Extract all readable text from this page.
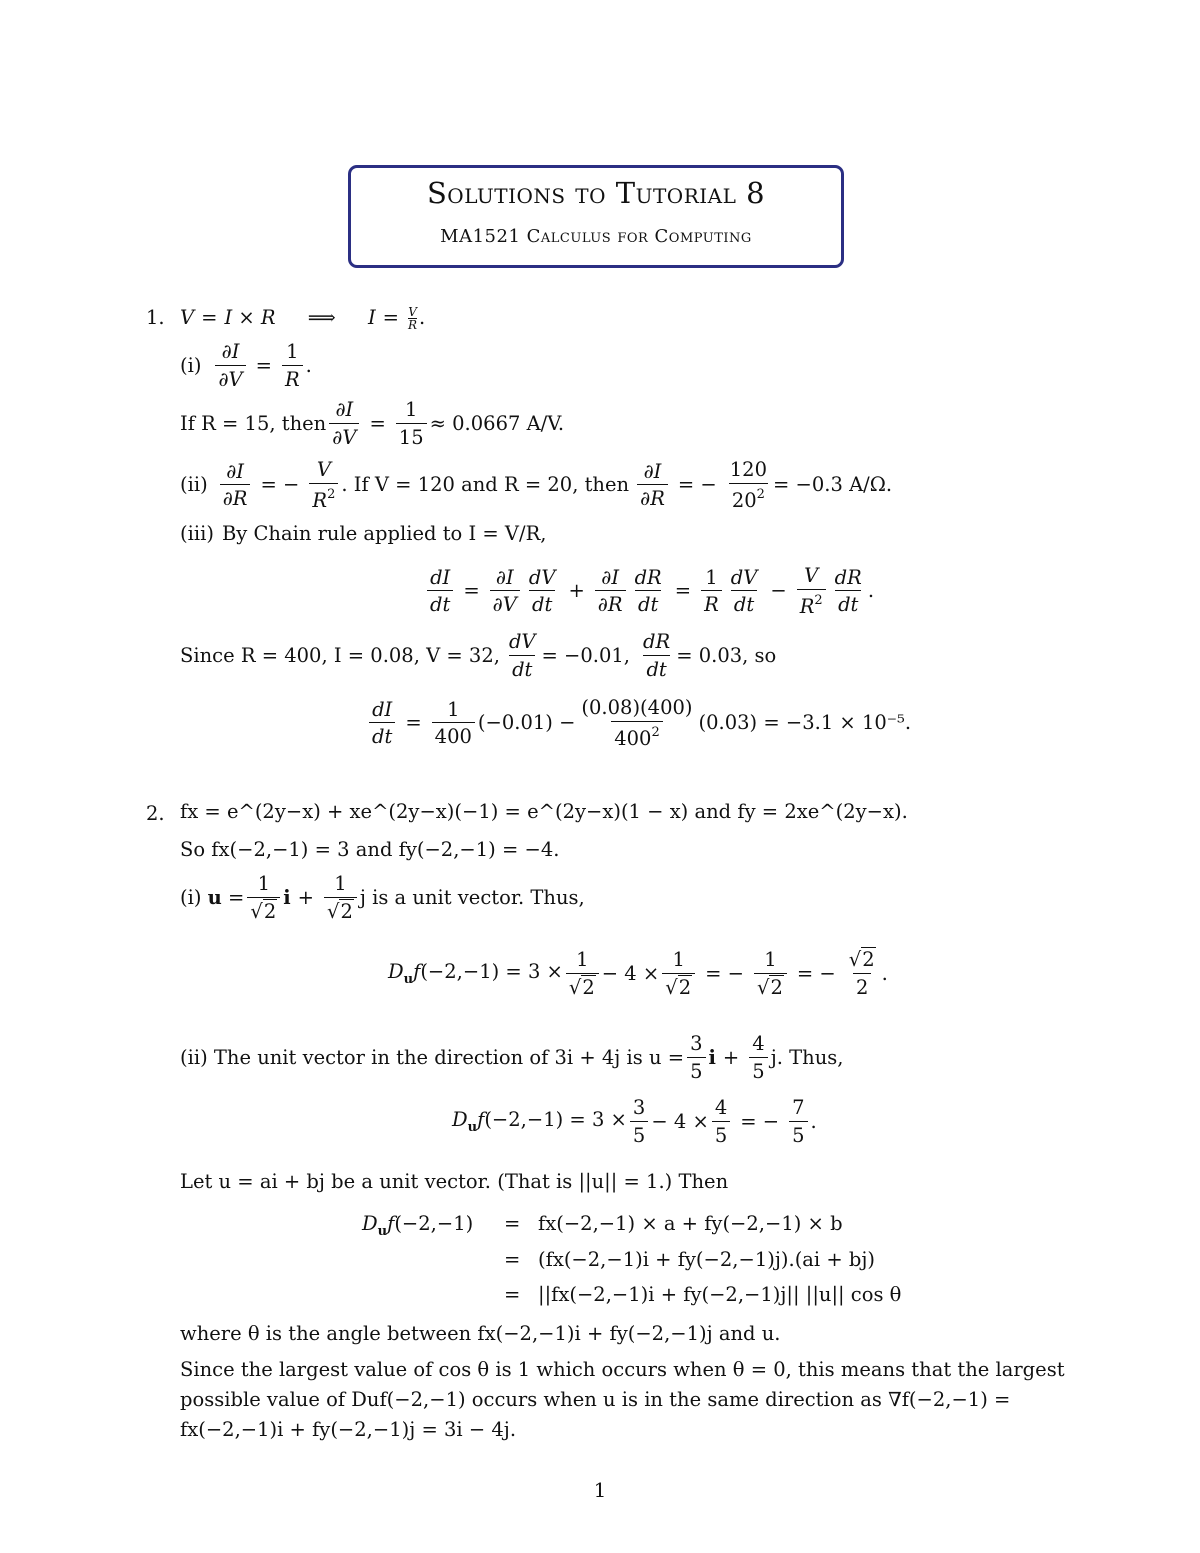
Solutions to Tutorial 8
MA1521 Calculus for Computing
1. V = I × R ⟹ $I = \frac{V}{R}$ .
$(i) \frac{\partial I}{\partial V} = \frac{1}{R}$ .
If R = 15, then $\frac{\partial I}{\partial V} = \frac{1}{15} \approx 0.0667$ A/V.
$(ii) \frac{\partial I}{\partial R}$ = − $\frac{V}{R^2}$ . If V = 120 and R = 20, then $\frac{\partial I}{\partial R}$ = − $\frac{120}{20^2} = -0.3$ A/Ω.
(iii) By Chain rule applied to I = V/R,
$\frac{dI}{dt} = \frac{\partial I}{\partial V} \frac{dV}{dt} + \frac{\partial I}{\partial R} \frac{dR}{dt} = \frac{1}{R} \frac{dV}{dt} - \frac{V}{R^2} \frac{dR}{dt}$ .
Since R = 400, I = 0.08, V = 32, $\frac{dV}{dt} = -0.01$, $\frac{dR}{dt} = 0.03$, so
$\frac{dI}{dt} = \frac{1}{400} (-0.01) - \frac{(0.08)(400)}{400^2} (0.03) = -3.1 \times 10^{-5}$.
2. fx = e^(2y−x) + xe^(2y−x)(−1) = e^(2y−x)(1 − x) and fy = 2xe^(2y−x).
So fx(−2,−1) = 3 and fy(−2,−1) = −4.
(i) $u = \frac{1}{√2}$ $i + \frac{1}{√2}$ j is a unit vector. Thus,
$D_uf(-2,-1) = 3 \times \frac{1}{√2} - 4 \times \frac{1}{√2}$ = − $\frac{1}{√2}$ = − $\frac{√2}{2}$ .
(ii) The unit vector in the direction of 3i + 4j is $u = \frac{3}{5}$ $i + \frac{4}{5} j$. Thus,
$D_uf(-2,-1) = 3 \times \frac{3}{5} - 4 \times \frac{4}{5}$ = − $\frac{7}{5}$ .
Let u = ai + bj be a unit vector. (That is ||u|| = 1.) Then
$D_uf(-2,-1) = fx(-2,-1) \times a + fy(-2,-1) \times b$
= (fx(−2,−1)i + fy(−2,−1)j).(ai + bj)
= ||fx(−2,−1)i + fy(−2,−1)j|| ||u|| cos θ
where θ is the angle between fx(−2,−1)i + fy(−2,−1)j and u.
Since the largest value of cos θ is 1 which occurs when θ = 0, this means that the largest
possible value of Duf(−2,−1) occurs when u is in the same direction as ∇f(−2,−1) =
fx(−2,−1)i + fy(−2,−1)j = 3i − 4j.
1
